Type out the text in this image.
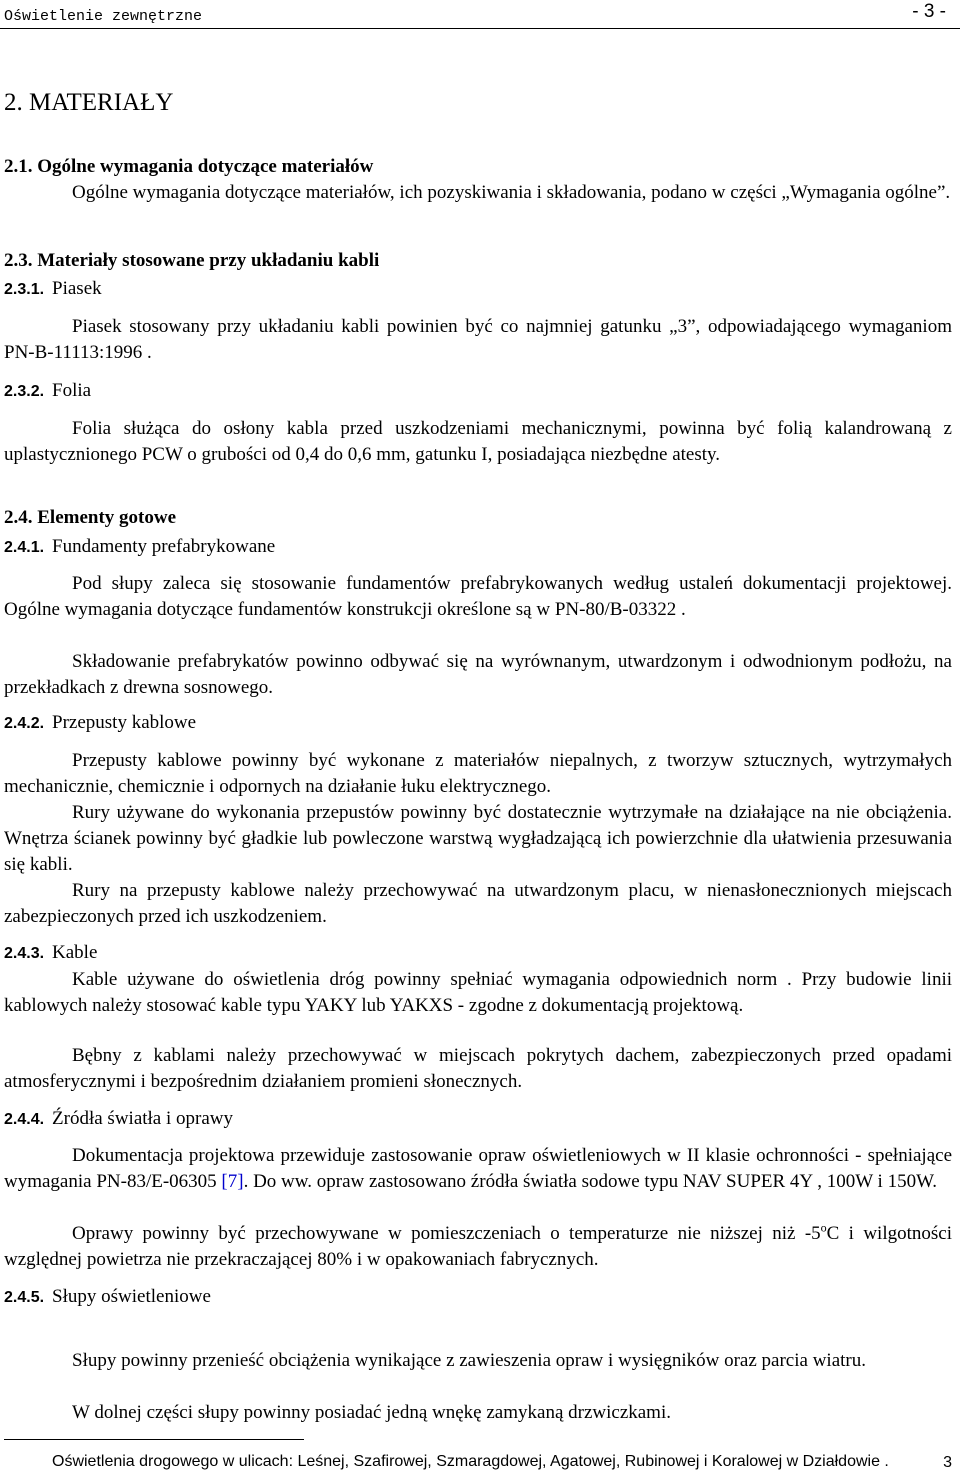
Oświetlenie zewnętrzne	- 3 -
2. MATERIAŁY
2.1. Ogólne wymagania dotyczące materiałów
Ogólne wymagania dotyczące materiałów, ich pozyskiwania i składowania, podano w części „Wymagania ogólne”.
2.3. Materiały stosowane przy układaniu kabli
2.3.1. Piasek
Piasek stosowany przy układaniu kabli powinien być co najmniej gatunku „3”, odpowiadającego wymaganiom PN-B-11113:1996 .
2.3.2. Folia
Folia służąca do osłony kabla przed uszkodzeniami mechanicznymi, powinna być folią kalandrowaną z uplastycznionego PCW o grubości od 0,4 do 0,6 mm, gatunku I, posiadająca niezbędne atesty.
2.4. Elementy gotowe
2.4.1. Fundamenty prefabrykowane
Pod słupy zaleca się stosowanie fundamentów prefabrykowanych według ustaleń dokumentacji projektowej. Ogólne wymagania dotyczące fundamentów konstrukcji określone są w PN-80/B-03322 .
Składowanie prefabrykatów powinno odbywać się na wyrównanym, utwardzonym i odwodnionym podłożu, na przekładkach z drewna sosnowego.
2.4.2. Przepusty kablowe
Przepusty kablowe powinny być wykonane z materiałów niepalnych, z tworzyw sztucznych, wytrzymałych mechanicznie, chemicznie i odpornych na działanie łuku elektrycznego.
Rury używane do wykonania przepustów powinny być dostatecznie wytrzymałe na działające na nie obciążenia. Wnętrza ścianek powinny być gładkie lub powleczone warstwą wygładzającą ich powierzchnie dla ułatwienia przesuwania się kabli.
Rury na przepusty kablowe należy przechowywać na utwardzonym placu, w nienasłonecznionych miejscach zabezpieczonych przed ich uszkodzeniem.
2.4.3. Kable
Kable używane do oświetlenia dróg powinny spełniać wymagania odpowiednich norm . Przy budowie linii kablowych należy stosować kable typu YAKY lub YAKXS - zgodne z dokumentacją projektową.
Bębny z kablami należy przechowywać w miejscach pokrytych dachem, zabezpieczonych przed opadami atmosferycznymi i bezpośrednim działaniem promieni słonecznych.
2.4.4. Źródła światła i oprawy
Dokumentacja projektowa przewiduje zastosowanie opraw oświetleniowych w II klasie ochronności - spełniające wymagania PN-83/E-06305 [7]. Do ww. opraw zastosowano źródła światła sodowe typu NAV SUPER 4Y , 100W i 150W.
Oprawy powinny być przechowywane w pomieszczeniach o temperaturze nie niższej niż -5$^o$C i wilgotności względnej powietrza nie przekraczającej 80% i w opakowaniach fabrycznych.
2.4.5. Słupy oświetleniowe
Słupy powinny przenieść obciążenia wynikające z zawieszenia opraw i wysięgników oraz parcia wiatru.
W dolnej części słupy powinny posiadać jedną wnękę zamykaną drzwiczkami.
Oświetlenia drogowego w ulicach: Leśnej, Szafirowej, Szmaragdowej, Agatowej, Rubinowej i Koralowej w Działdowie .	3
